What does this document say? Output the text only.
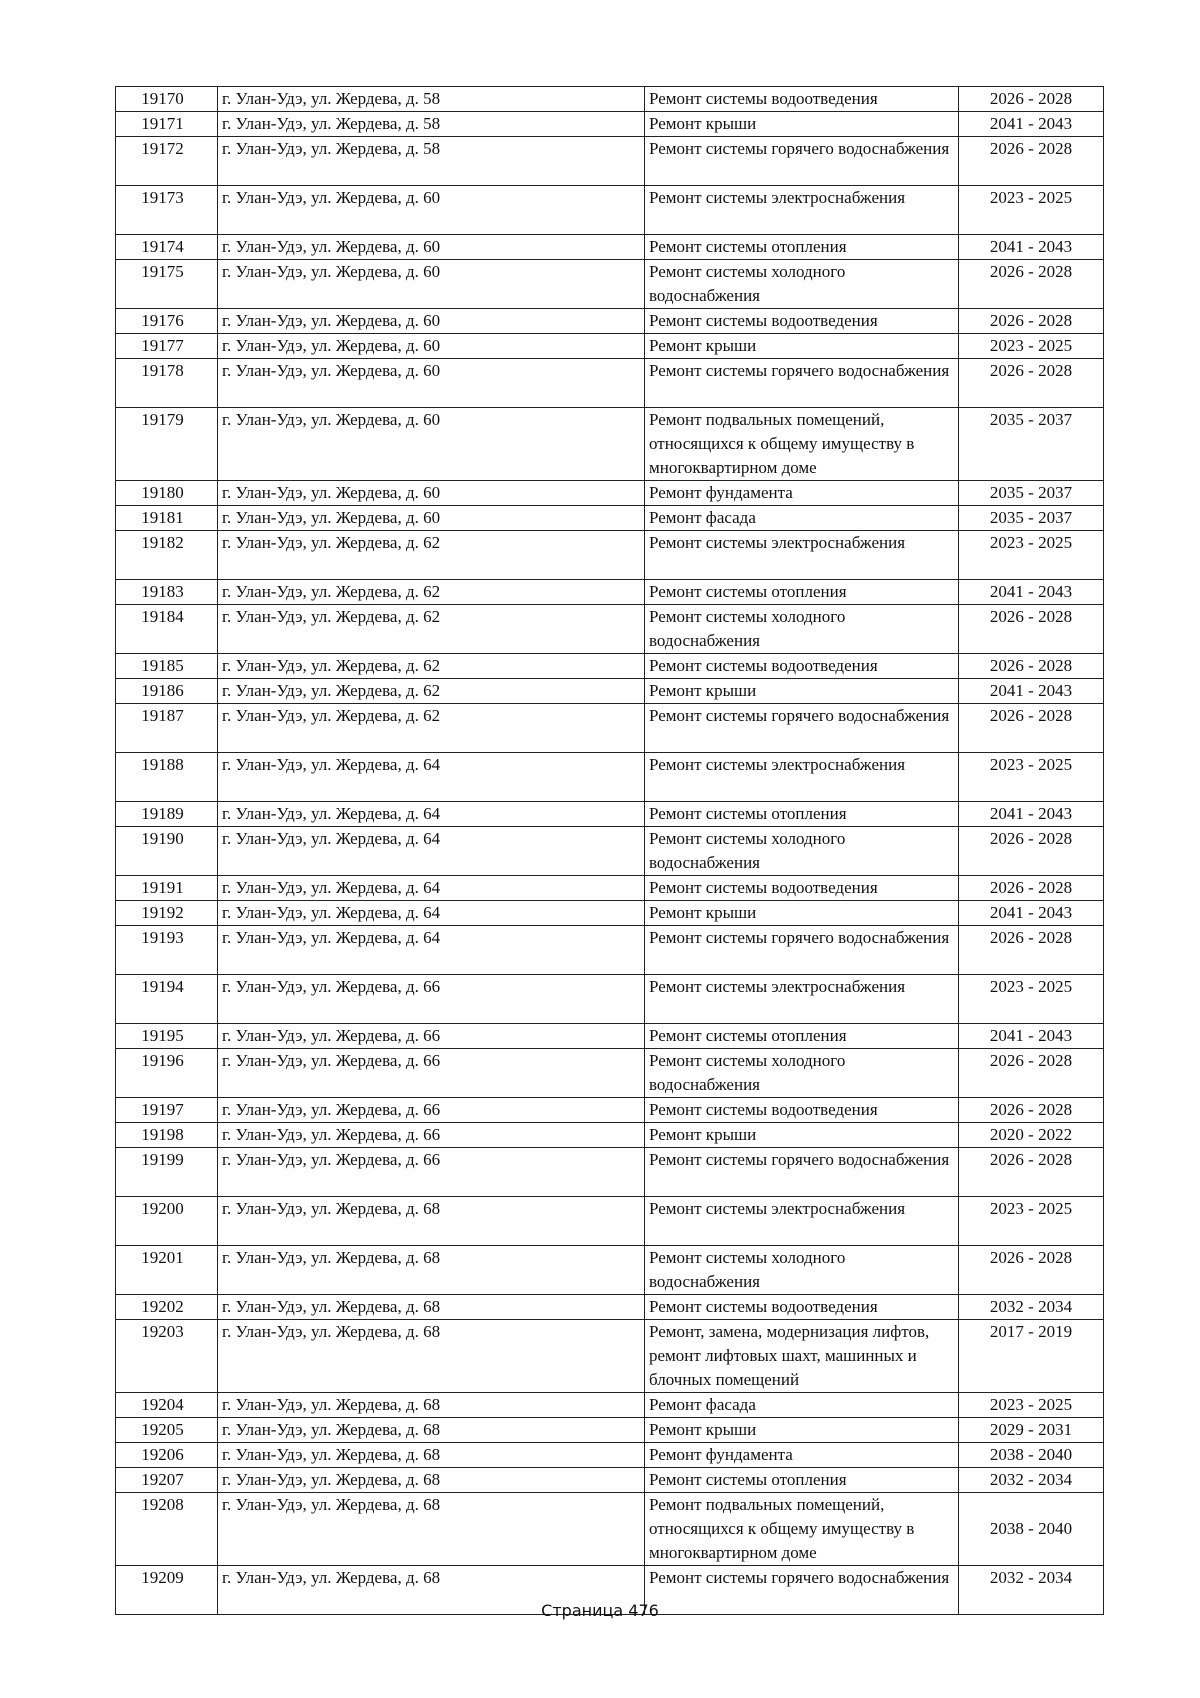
19170	г. Улан-Удэ, ул. Жердева, д. 58	Ремонт системы водоотведения	2026 - 2028
19171	г. Улан-Удэ, ул. Жердева, д. 58	Ремонт крыши	2041 - 2043
19172	г. Улан-Удэ, ул. Жердева, д. 58	Ремонт системы горячего водоснабжения	2026 - 2028
19173	г. Улан-Удэ, ул. Жердева, д. 60	Ремонт системы электроснабжения	2023 - 2025
19174	г. Улан-Удэ, ул. Жердева, д. 60	Ремонт системы отопления	2041 - 2043
19175	г. Улан-Удэ, ул. Жердева, д. 60	Ремонт системы холодного водоснабжения	2026 - 2028
19176	г. Улан-Удэ, ул. Жердева, д. 60	Ремонт системы водоотведения	2026 - 2028
19177	г. Улан-Удэ, ул. Жердева, д. 60	Ремонт крыши	2023 - 2025
19178	г. Улан-Удэ, ул. Жердева, д. 60	Ремонт системы горячего водоснабжения	2026 - 2028
19179	г. Улан-Удэ, ул. Жердева, д. 60	Ремонт подвальных помещений, относящихся к общему имуществу в многоквартирном доме	2035 - 2037
19180	г. Улан-Удэ, ул. Жердева, д. 60	Ремонт фундамента	2035 - 2037
19181	г. Улан-Удэ, ул. Жердева, д. 60	Ремонт фасада	2035 - 2037
19182	г. Улан-Удэ, ул. Жердева, д. 62	Ремонт системы электроснабжения	2023 - 2025
19183	г. Улан-Удэ, ул. Жердева, д. 62	Ремонт системы отопления	2041 - 2043
19184	г. Улан-Удэ, ул. Жердева, д. 62	Ремонт системы холодного водоснабжения	2026 - 2028
19185	г. Улан-Удэ, ул. Жердева, д. 62	Ремонт системы водоотведения	2026 - 2028
19186	г. Улан-Удэ, ул. Жердева, д. 62	Ремонт крыши	2041 - 2043
19187	г. Улан-Удэ, ул. Жердева, д. 62	Ремонт системы горячего водоснабжения	2026 - 2028
19188	г. Улан-Удэ, ул. Жердева, д. 64	Ремонт системы электроснабжения	2023 - 2025
19189	г. Улан-Удэ, ул. Жердева, д. 64	Ремонт системы отопления	2041 - 2043
19190	г. Улан-Удэ, ул. Жердева, д. 64	Ремонт системы холодного водоснабжения	2026 - 2028
19191	г. Улан-Удэ, ул. Жердева, д. 64	Ремонт системы водоотведения	2026 - 2028
19192	г. Улан-Удэ, ул. Жердева, д. 64	Ремонт крыши	2041 - 2043
19193	г. Улан-Удэ, ул. Жердева, д. 64	Ремонт системы горячего водоснабжения	2026 - 2028
19194	г. Улан-Удэ, ул. Жердева, д. 66	Ремонт системы электроснабжения	2023 - 2025
19195	г. Улан-Удэ, ул. Жердева, д. 66	Ремонт системы отопления	2041 - 2043
19196	г. Улан-Удэ, ул. Жердева, д. 66	Ремонт системы холодного водоснабжения	2026 - 2028
19197	г. Улан-Удэ, ул. Жердева, д. 66	Ремонт системы водоотведения	2026 - 2028
19198	г. Улан-Удэ, ул. Жердева, д. 66	Ремонт крыши	2020 - 2022
19199	г. Улан-Удэ, ул. Жердева, д. 66	Ремонт системы горячего водоснабжения	2026 - 2028
19200	г. Улан-Удэ, ул. Жердева, д. 68	Ремонт системы электроснабжения	2023 - 2025
19201	г. Улан-Удэ, ул. Жердева, д. 68	Ремонт системы холодного водоснабжения	2026 - 2028
19202	г. Улан-Удэ, ул. Жердева, д. 68	Ремонт системы водоотведения	2032 - 2034
19203	г. Улан-Удэ, ул. Жердева, д. 68	Ремонт, замена, модернизация лифтов, ремонт лифтовых шахт, машинных и блочных помещений	2017 - 2019
19204	г. Улан-Удэ, ул. Жердева, д. 68	Ремонт фасада	2023 - 2025
19205	г. Улан-Удэ, ул. Жердева, д. 68	Ремонт крыши	2029 - 2031
19206	г. Улан-Удэ, ул. Жердева, д. 68	Ремонт фундамента	2038 - 2040
19207	г. Улан-Удэ, ул. Жердева, д. 68	Ремонт системы отопления	2032 - 2034
19208	г. Улан-Удэ, ул. Жердева, д. 68	Ремонт подвальных помещений, относящихся к общему имуществу в многоквартирном доме	2038 - 2040
19209	г. Улан-Удэ, ул. Жердева, д. 68	Ремонт системы горячего водоснабжения	2032 - 2034
Страница 476
